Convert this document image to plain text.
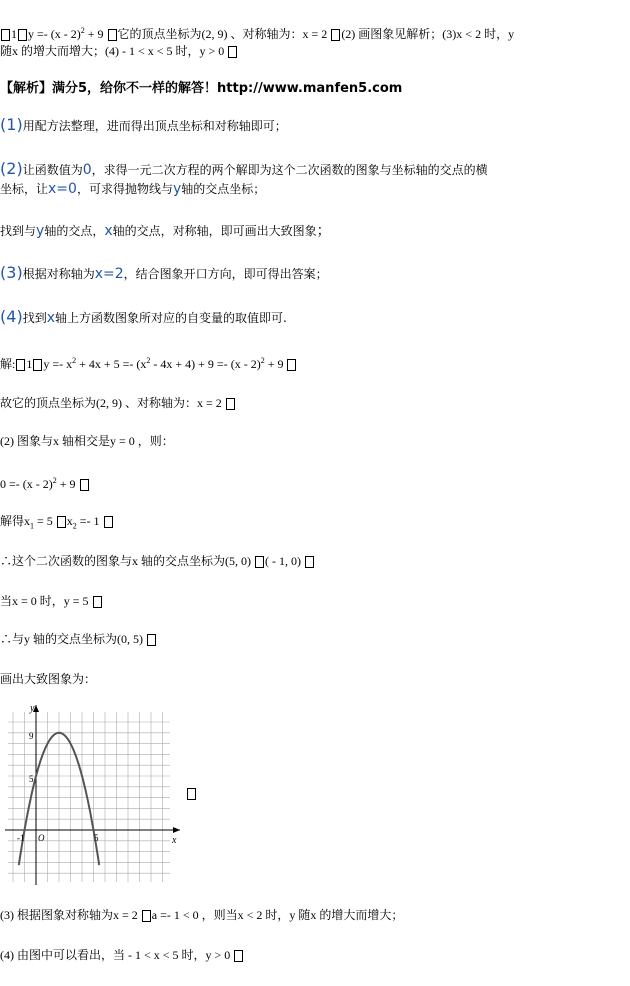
1 y =- (x - 2)$^2$ + 9 它的顶点坐标为(2, 9) 、对称轴为：x = 2 (2) 画图象见解析；(3)x < 2 时，y
随x 的增大而增大；(4) - 1 < x < 5 时，y > 0
【解析】满分5，给你不一样的解答！http://www.manfen5.com
(1)用配方法整理，进而得出顶点坐标和对称轴即可；
(2)让函数值为0，求得一元二次方程的两个解即为这个二次函数的图象与坐标轴的交点的横
坐标，让x=0，可求得抛物线与y轴的交点坐标；
找到与y轴的交点，x轴的交点，对称轴，即可画出大致图象；
(3)根据对称轴为x=2，结合图象开口方向，即可得出答案；
(4)找到x轴上方函数图象所对应的自变量的取值即可.
解: 1 $y =- x^2 + 4x + 5 =- (x^2 - 4x + 4) + 9 =- (x - 2)^2 + 9$
故它的顶点坐标为(2, 9) 、对称轴为：x = 2
(2) 图象与x 轴相交是y = 0 ，则：
0 =- (x - 2)$^2$ + 9
解得$x_1 = 5$ $x_2 =- 1$
∴这个二次函数的图象与x 轴的交点坐标为(5, 0) ( - 1, 0)
当x = 0 时，y = 5
∴与y 轴的交点坐标为(0, 5)
画出大致图象为：
y
x
9
5
-1 O	5
(3) 根据图象对称轴为x = 2 a =- 1 < 0 ，则当x < 2 时，y 随x 的增大而增大；
(4) 由图中可以看出，当 - 1 < x < 5 时，y > 0
